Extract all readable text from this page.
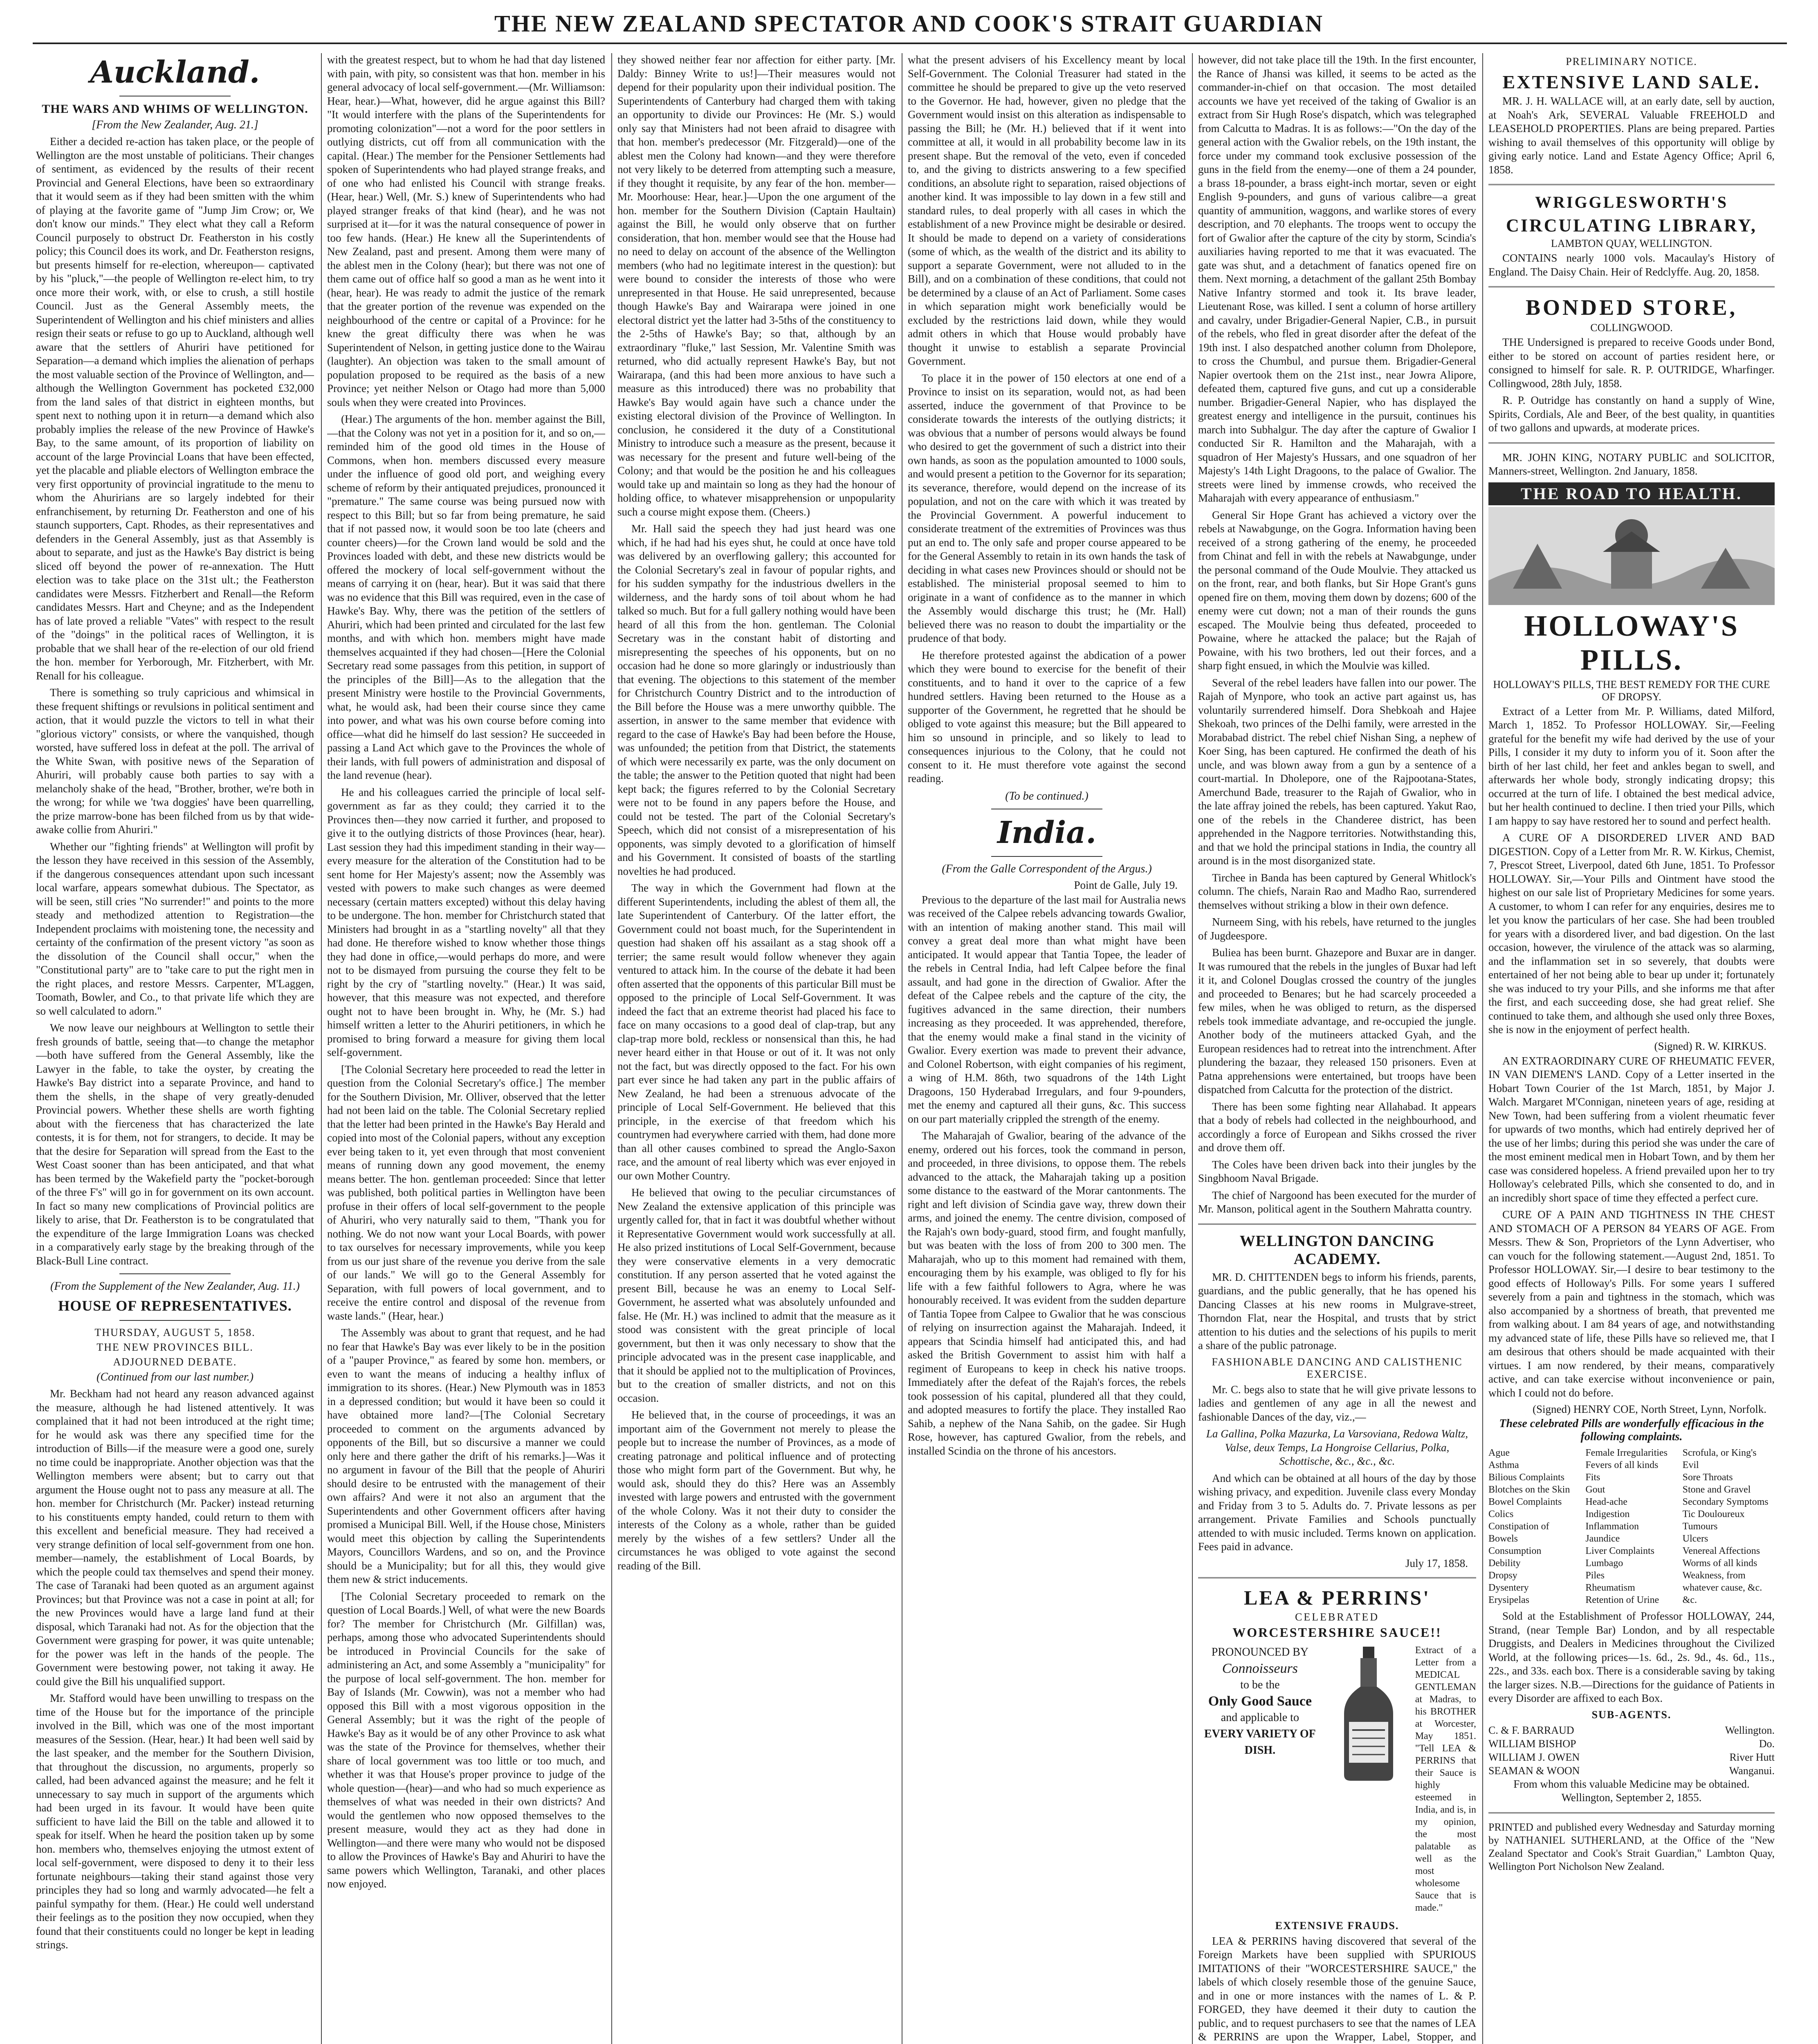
THE NEW ZEALAND SPECTATOR AND COOK'S STRAIT GUARDIAN
Auckland.
THE WARS AND WHIMS OF WELLINGTON.
[From the New Zealander, Aug. 21.]

Either a decided re-action has taken place, or the people of Wellington are the most unstable of politicians. Their changes of sentiment, as evidenced by the results of their recent Provincial and General Elections, have been so extraordinary that it would seem as if they had been smitten with the whim of playing at the favorite game of "Jump Jim Crow; or, We don't know our minds." They elect what they call a Reform Council purposely to obstruct Dr. Featherston in his costly policy; this Council does its work, and Dr. Featherston resigns, but presents himself for re-election, whereupon— captivated by his "pluck,"—the people of Wellington re-elect him, to try once more their work, with, or else to crush, a still hostile Council. Just as the General Assembly meets, the Superintendent of Wellington and his chief ministers and allies resign their seats or refuse to go up to Auckland, although well aware that the settlers of Ahuriri have petitioned for Separation—a demand which implies the alienation of perhaps the most valuable section of the Province of Wellington, and—although the Wellington Government has pocketed £32,000 from the land sales of that district in eighteen months, but spent next to nothing upon it in return—a demand which also probably implies the release of the new Province of Hawke's Bay, to the same amount, of its proportion of liability on account of the large Provincial Loans that have been effected, yet the placable and pliable electors of Wellington embrace the very first opportunity of provincial ingratitude to the menu to whom the Ahuririans are so largely indebted for their enfranchisement, by returning Dr. Featherston and one of his staunch supporters, Capt. Rhodes, as their representatives and defenders in the General Assembly, just as that Assembly is about to separate, and just as the Hawke's Bay district is being sliced off beyond the power of re-annexation. The Hutt election was to take place on the 31st ult.; the Featherston candidates were Messrs. Fitzherbert and Renall—the Reform candidates Messrs. Hart and Cheyne; and as the Independent has of late proved a reliable "Vates" with respect to the result of the "doings" in the political races of Wellington, it is probable that we shall hear of the re-election of our old friend the hon. member for Yerborough, Mr. Fitzherbert, with Mr. Renall for his colleague.

There is something so truly capricious and whimsical in these frequent shiftings or revulsions in political sentiment and action, that it would puzzle the victors to tell in what their "glorious victory" consists, or where the vanquished, though worsted, have suffered loss in defeat at the poll. The arrival of the White Swan, with positive news of the Separation of Ahuriri, will probably cause both parties to say with a melancholy shake of the head, "Brother, brother, we're both in the wrong; for while we 'twa doggies' have been quarrelling, the prize marrow-bone has been filched from us by that wide-awake collie from Ahuriri."

Whether our "fighting friends" at Wellington will profit by the lesson they have received in this session of the Assembly, if the dangerous consequences attendant upon such incessant local warfare, appears somewhat dubious. The Spectator, as will be seen, still cries "No surrender!" and points to the more steady and methodized attention to Registration—the Independent proclaims with moistening tone, the necessity and certainty of the confirmation of the present victory "as soon as the dissolution of the Council shall occur," when the "Constitutional party" are to "take care to put the right men in the right places, and restore Messrs. Carpenter, M'Laggen, Toomath, Bowler, and Co., to that private life which they are so well calculated to adorn."

We now leave our neighbours at Wellington to settle their fresh grounds of battle, seeing that—to change the metaphor—both have suffered from the General Assembly, like the Lawyer in the fable, to take the oyster, by creating the Hawke's Bay district into a separate Province, and hand to them the shells, in the shape of very greatly-denuded Provincial powers. Whether these shells are worth fighting about with the fierceness that has characterized the late contests, it is for them, not for strangers, to decide. It may be that the desire for Separation will spread from the East to the West Coast sooner than has been anticipated, and that what has been termed by the Wakefield party the "pocket-borough of the three F's" will go in for government on its own account. In fact so many new complications of Provincial politics are likely to arise, that Dr. Featherston is to be congratulated that the expenditure of the large Immigration Loans was checked in a comparatively early stage by the breaking through of the Black-Bull Line contract.

(From the Supplement of the New Zealander, Aug. 11.)
HOUSE OF REPRESENTATIVES.
THURSDAY, AUGUST 5, 1858.
THE NEW PROVINCES BILL.
ADJOURNED DEBATE.
(Continued from our last number.)

Mr. Beckham had not heard any reason advanced against the measure, although he had listened attentively. It was complained that it had not been introduced at the right time; for he would ask was there any specified time for the introduction of Bills—if the measure were a good one, surely no time could be inappropriate. Another objection was that the Wellington members were absent; but to carry out that argument the House ought not to pass any measure at all. The hon. member for Christchurch (Mr. Packer) instead returning to his constituents empty handed, could return to them with this excellent and beneficial measure. They had received a very strange definition of local self-government from one hon. member—namely, the establishment of Local Boards, by which the people could tax themselves and spend their money. The case of Taranaki had been quoted as an argument against Provinces; but that Province was not a case in point at all; for the new Provinces would have a large land fund at their disposal, which Taranaki had not. As for the objection that the Government were grasping for power, it was quite untenable; for the power was left in the hands of the people. The Government were bestowing power, not taking it away. He could give the Bill his unqualified support.

Mr. Stafford would have been unwilling to trespass on the time of the House but for the importance of the principle involved in the Bill, which was one of the most important measures of the Session. (Hear, hear.) It had been well said by the last speaker, and the member for the Southern Division, that throughout the discussion, no arguments, properly so called, had been advanced against the measure; and he felt it unnecessary to say much in support of the arguments which had been urged in its favour. It would have been quite sufficient to have laid the Bill on the table and allowed it to speak for itself. When he heard the position taken up by some hon. members who, themselves enjoying the utmost extent of local self-government, were disposed to deny it to their less fortunate neighbours—taking their stand against those very principles they had so long and warmly advocated—he felt a painful sympathy for them. (Hear.) He could well understand their feelings as to the position they now occupied, when they found that their constituents could no longer be kept in leading strings.

with the greatest respect, but to whom he had that day listened with pain, with pity, so consistent was that hon. member in his general advocacy of local self-government.—(Mr. Williamson: Hear, hear.)—What, however, did he argue against this Bill? "It would interfere with the plans of the Superintendents for promoting colonization"—not a word for the poor settlers in outlying districts, cut off from all communication with the capital. (Hear.) The member for the Pensioner Settlements had spoken of Superintendents who had played strange freaks, and of one who had enlisted his Council with strange freaks. (Hear, hear.) Well, (Mr. S.) knew of Superintendents who had played stranger freaks of that kind (hear), and he was not surprised at it—for it was the natural consequence of power in too few hands. (Hear.) He knew all the Superintendents of New Zealand, past and present. Among them were many of the ablest men in the Colony (hear); but there was not one of them came out of office half so good a man as he went into it (hear, hear). He was ready to admit the justice of the remark that the greater portion of the revenue was expended on the neighbourhood of the centre or capital of a Province: for he knew the great difficulty there was when he was Superintendent of Nelson, in getting justice done to the Wairau (laughter). An objection was taken to the small amount of population proposed to be required as the basis of a new Province; yet neither Nelson or Otago had more than 5,000 souls when they were created into Provinces.

(Hear.) The arguments of the hon. member against the Bill,—that the Colony was not yet in a position for it, and so on,—reminded him of the good old times in the House of Commons, when hon. members discussed every measure under the influence of good old port, and weighing every scheme of reform by their antiquated prejudices, pronounced it "premature." The same course was being pursued now with respect to this Bill; but so far from being premature, he said that if not passed now, it would soon be too late (cheers and counter cheers)—for the Crown land would be sold and the Provinces loaded with debt, and these new districts would be offered the mockery of local self-government without the means of carrying it on (hear, hear). But it was said that there was no evidence that this Bill was required, even in the case of Hawke's Bay. Why, there was the petition of the settlers of Ahuriri, which had been printed and circulated for the last few months, and with which hon. members might have made themselves acquainted if they had chosen—[Here the Colonial Secretary read some passages from this petition, in support of the principles of the Bill]—As to the allegation that the present Ministry were hostile to the Provincial Governments, what, he would ask, had been their course since they came into power, and what was his own course before coming into office—what did he himself do last session? He succeeded in passing a Land Act which gave to the Provinces the whole of their lands, with full powers of administration and disposal of the land revenue (hear).

He and his colleagues carried the principle of local self-government as far as they could; they carried it to the Provinces then—they now carried it further, and proposed to give it to the outlying districts of those Provinces (hear, hear). Last session they had this impediment standing in their way—every measure for the alteration of the Constitution had to be sent home for Her Majesty's assent; now the Assembly was vested with powers to make such changes as were deemed necessary (certain matters excepted) without this delay having to be undergone. The hon. member for Christchurch stated that Ministers had brought in as a "startling novelty" all that they had done. He therefore wished to know whether those things they had done in office,—would perhaps do more, and were not to be dismayed from pursuing the course they felt to be right by the cry of "startling novelty." (Hear.) It was said, however, that this measure was not expected, and therefore ought not to have been brought in. Why, he (Mr. S.) had himself written a letter to the Ahuriri petitioners, in which he promised to bring forward a measure for giving them local self-government.

[The Colonial Secretary here proceeded to read the letter in question from the Colonial Secretary's office.] The member for the Southern Division, Mr. Olliver, observed that the letter had not been laid on the table. The Colonial Secretary replied that the letter had been printed in the Hawke's Bay Herald and copied into most of the Colonial papers, without any exception ever being taken to it, yet even through that most convenient means of running down any good movement, the enemy means better. The hon. gentleman proceeded: Since that letter was published, both political parties in Wellington have been profuse in their offers of local self-government to the people of Ahuriri, who very naturally said to them, "Thank you for nothing. We do not now want your Local Boards, with power to tax ourselves for necessary improvements, while you keep from us our just share of the revenue you derive from the sale of our lands." We will go to the General Assembly for Separation, with full powers of local government, and to receive the entire control and disposal of the revenue from waste lands." (Hear, hear.)

The Assembly was about to grant that request, and he had no fear that Hawke's Bay was ever likely to be in the position of a "pauper Province," as feared by some hon. members, or even to want the means of inducing a healthy influx of immigration to its shores. (Hear.) New Plymouth was in 1853 in a depressed condition; but would it have been so could it have obtained more land?—[The Colonial Secretary proceeded to comment on the arguments advanced by opponents of the Bill, but so discursive a manner we could only here and there gather the drift of his remarks.]—Was it no argument in favour of the Bill that the people of Ahuriri should desire to be entrusted with the management of their own affairs? And were it not also an argument that the Superintendents and other Government officers after having promised a Municipal Bill. Well, if the House chose, Ministers would meet this objection by calling the Superintendents Mayors, Councillors Wardens, and so on, and the Province should be a Municipality; but for all this, they would give them new & strict inducements.

[The Colonial Secretary proceeded to remark on the question of Local Boards.] Well, of what were the new Boards for? The member for Christchurch (Mr. Gilfillan) was, perhaps, among those who advocated Superintendents should be introduced in Provincial Councils for the sake of administering an Act, and some Assembly a "municipality" for the purpose of local self-government. The hon. member for Bay of Islands (Mr. Cowwin), was not a member who had opposed this Bill with a most vigorous opposition in the General Assembly; but it was the right of the people of Hawke's Bay as it would be of any other Province to ask what was the state of the Province for themselves, whether their share of local government was too little or too much, and whether it was that House's proper province to judge of the whole question—(hear)—and who had so much experience as themselves of what was needed in their own districts? And would the gentlemen who now opposed themselves to the present measure, would they act as they had done in Wellington—and there were many who would not be disposed to allow the Provinces of Hawke's Bay and Ahuriri to have the same powers which Wellington, Taranaki, and other places now enjoyed.

they showed neither fear nor affection for either party. [Mr. Daldy: Binney Write to us!]—Their measures would not depend for their popularity upon their individual position. The Superintendents of Canterbury had charged them with taking an opportunity to divide our Provinces: He (Mr. S.) would only say that Ministers had not been afraid to disagree with that hon. member's predecessor (Mr. Fitzgerald)—one of the ablest men the Colony had known—and they were therefore not very likely to be deterred from attempting such a measure, if they thought it requisite, by any fear of the hon. member—Mr. Moorhouse: Hear, hear.]—Upon the one argument of the hon. member for the Southern Division (Captain Haultain) against the Bill, he would only observe that on further consideration, that hon. member would see that the House had no need to delay on account of the absence of the Wellington members (who had no legitimate interest in the question): but were bound to consider the interests of those who were unrepresented in that House. He said unrepresented, because though Hawke's Bay and Wairarapa were joined in one electoral district yet the latter had 3-5ths of the constituency to the 2-5ths of Hawke's Bay; so that, although by an extraordinary "fluke," last Session, Mr. Valentine Smith was returned, who did actually represent Hawke's Bay, but not Wairarapa, (and this had been more anxious to have such a measure as this introduced) there was no probability that Hawke's Bay would again have such a chance under the existing electoral division of the Province of Wellington. In conclusion, he considered it the duty of a Constitutional Ministry to introduce such a measure as the present, because it was necessary for the present and future well-being of the Colony; and that would be the position he and his colleagues would take up and maintain so long as they had the honour of holding office, to whatever misapprehension or unpopularity such a course might expose them. (Cheers.)

Mr. Hall said the speech they had just heard was one which, if he had had his eyes shut, he could at once have told was delivered by an overflowing gallery; this accounted for the Colonial Secretary's zeal in favour of popular rights, and for his sudden sympathy for the industrious dwellers in the wilderness, and the hardy sons of toil about whom he had talked so much. But for a full gallery nothing would have been heard of all this from the hon. gentleman. The Colonial Secretary was in the constant habit of distorting and misrepresenting the speeches of his opponents, but on no occasion had he done so more glaringly or industriously than that evening. The objections to this statement of the member for Christchurch Country District and to the introduction of the Bill before the House was a mere unworthy quibble. The assertion, in answer to the same member that evidence with regard to the case of Hawke's Bay had been before the House, was unfounded; the petition from that District, the statements of which were necessarily ex parte, was the only document on the table; the answer to the Petition quoted that night had been kept back; the figures referred to by the Colonial Secretary were not to be found in any papers before the House, and could not be tested. The part of the Colonial Secretary's Speech, which did not consist of a misrepresentation of his opponents, was simply devoted to a glorification of himself and his Government. It consisted of boasts of the startling novelties he had produced.

The way in which the Government had flown at the different Superintendents, including the ablest of them all, the late Superintendent of Canterbury. Of the latter effort, the Government could not boast much, for the Superintendent in question had shaken off his assailant as a stag shook off a terrier; the same result would follow whenever they again ventured to attack him. In the course of the debate it had been often asserted that the opponents of this particular Bill must be opposed to the principle of Local Self-Government. It was indeed the fact that an extreme theorist had placed his face to face on many occasions to a good deal of clap-trap, but any clap-trap more bold, reckless or nonsensical than this, he had never heard either in that House or out of it. It was not only not the fact, but was directly opposed to the fact. For his own part ever since he had taken any part in the public affairs of New Zealand, he had been a strenuous advocate of the principle of Local Self-Government. He believed that this principle, in the exercise of that freedom which his countrymen had everywhere carried with them, had done more than all other causes combined to spread the Anglo-Saxon race, and the amount of real liberty which was ever enjoyed in our own Mother Country.

He believed that owing to the peculiar circumstances of New Zealand the extensive application of this principle was urgently called for, that in fact it was doubtful whether without it Representative Government would work successfully at all. He also prized institutions of Local Self-Government, because they were conservative elements in a very democratic constitution. If any person asserted that he voted against the present Bill, because he was an enemy to Local Self-Government, he asserted what was absolutely unfounded and false. He (Mr. H.) was inclined to admit that the measure as it stood was consistent with the great principle of local government, but then it was only necessary to show that the principle advocated was in the present case inapplicable, and that it should be applied not to the multiplication of Provinces, but to the creation of smaller districts, and not on this occasion.

He believed that, in the course of proceedings, it was an important aim of the Government not merely to please the people but to increase the number of Provinces, as a mode of creating patronage and political influence and of protecting those who might form part of the Government. But why, he would ask, should they do this? Here was an Assembly invested with large powers and entrusted with the government of the whole Colony. Was it not their duty to consider the interests of the Colony as a whole, rather than be guided merely by the wishes of a few settlers? Under all the circumstances he was obliged to vote against the second reading of the Bill.

what the present advisers of his Excellency meant by local Self-Government. The Colonial Treasurer had stated in the committee he should be prepared to give up the veto reserved to the Governor. He had, however, given no pledge that the Government would insist on this alteration as indispensable to passing the Bill; he (Mr. H.) believed that if it went into committee at all, it would in all probability become law in its present shape. But the removal of the veto, even if conceded to, and the giving to districts answering to a few specified conditions, an absolute right to separation, raised objections of another kind. It was impossible to lay down in a few still and standard rules, to deal properly with all cases in which the establishment of a new Province might be desirable or desired. It should be made to depend on a variety of considerations (some of which, as the wealth of the district and its ability to support a separate Government, were not alluded to in the Bill), and on a combination of these conditions, that could not be determined by a clause of an Act of Parliament. Some cases in which separation might work beneficially would be excluded by the restrictions laid down, while they would admit others in which that House would probably have thought it unwise to establish a separate Provincial Government.

To place it in the power of 150 electors at one end of a Province to insist on its separation, would not, as had been asserted, induce the government of that Province to be considerate towards the interests of the outlying districts; it was obvious that a number of persons would always be found who desired to get the government of such a district into their own hands, as soon as the population amounted to 1000 souls, and would present a petition to the Governor for its separation; its severance, therefore, would depend on the increase of its population, and not on the care with which it was treated by the Provincial Government. A powerful inducement to considerate treatment of the extremities of Provinces was thus put an end to. The only safe and proper course appeared to be for the General Assembly to retain in its own hands the task of deciding in what cases new Provinces should or should not be established. The ministerial proposal seemed to him to originate in a want of confidence as to the manner in which the Assembly would discharge this trust; he (Mr. Hall) believed there was no reason to doubt the impartiality or the prudence of that body.

He therefore protested against the abdication of a power which they were bound to exercise for the benefit of their constituents, and to hand it over to the caprice of a few hundred settlers. Having been returned to the House as a supporter of the Government, he regretted that he should be obliged to vote against this measure; but the Bill appeared to him so unsound in principle, and so likely to lead to consequences injurious to the Colony, that he could not consent to it. He must therefore vote against the second reading.

(To be continued.)
India.
(From the Galle Correspondent of the Argus.)
Point de Galle, July 19.

Previous to the departure of the last mail for Australia news was received of the Calpee rebels advancing towards Gwalior, with an intention of making another stand. This mail will convey a great deal more than what might have been anticipated. It would appear that Tantia Topee, the leader of the rebels in Central India, had left Calpee before the final assault, and had gone in the direction of Gwalior. After the defeat of the Calpee rebels and the capture of the city, the fugitives advanced in the same direction, their numbers increasing as they proceeded. It was apprehended, therefore, that the enemy would make a final stand in the vicinity of Gwalior. Every exertion was made to prevent their advance, and Colonel Robertson, with eight companies of his regiment, a wing of H.M. 86th, two squadrons of the 14th Light Dragoons, 150 Hyderabad Irregulars, and four 9-pounders, met the enemy and captured all their guns, &c. This success on our part materially crippled the strength of the enemy.

The Maharajah of Gwalior, bearing of the advance of the enemy, ordered out his forces, took the command in person, and proceeded, in three divisions, to oppose them. The rebels advanced to the attack, the Maharajah taking up a position some distance to the eastward of the Morar cantonments. The right and left division of Scindia gave way, threw down their arms, and joined the enemy. The centre division, composed of the Rajah's own body-guard, stood firm, and fought manfully, but was beaten with the loss of from 200 to 300 men. The Maharajah, who up to this moment had remained with them, encouraging them by his example, was obliged to fly for his life with a few faithful followers to Agra, where he was honourably received. It was evident from the sudden departure of Tantia Topee from Calpee to Gwalior that he was conscious of relying on insurrection against the Maharajah. Indeed, it appears that Scindia himself had anticipated this, and had asked the British Government to assist him with half a regiment of Europeans to keep in check his native troops. Immediately after the defeat of the Rajah's forces, the rebels took possession of his capital, plundered all that they could, and adopted measures to fortify the place. They installed Rao Sahib, a nephew of the Nana Sahib, on the gadee. Sir Hugh Rose, however, has captured Gwalior, from the rebels, and installed Scindia on the throne of his ancestors.

however, did not take place till the 19th. In the first encounter, the Rance of Jhansi was killed, it seems to be acted as the commander-in-chief on that occasion. The most detailed accounts we have yet received of the taking of Gwalior is an extract from Sir Hugh Rose's dispatch, which was telegraphed from Calcutta to Madras. It is as follows:—"On the day of the general action with the Gwalior rebels, on the 19th instant, the force under my command took exclusive possession of the guns in the field from the enemy—one of them a 24 pounder, a brass 18-pounder, a brass eight-inch mortar, seven or eight English 9-pounders, and guns of various calibre—a great quantity of ammunition, waggons, and warlike stores of every description, and 70 elephants. The troops went to occupy the fort of Gwalior after the capture of the city by storm, Scindia's auxiliaries having reported to me that it was evacuated. The gate was shut, and a detachment of fanatics opened fire on them. Next morning, a detachment of the gallant 25th Bombay Native Infantry stormed and took it. Its brave leader, Lieutenant Rose, was killed. I sent a column of horse artillery and cavalry, under Brigadier-General Napier, C.B., in pursuit of the rebels, who fled in great disorder after the defeat of the 19th inst. I also despatched another column from Dholepore, to cross the Chumbul, and pursue them. Brigadier-General Napier overtook them on the 21st inst., near Jowra Alipore, defeated them, captured five guns, and cut up a considerable number. Brigadier-General Napier, who has displayed the greatest energy and intelligence in the pursuit, continues his march into Subhalgur. The day after the capture of Gwalior I conducted Sir R. Hamilton and the Maharajah, with a squadron of Her Majesty's Hussars, and one squadron of her Majesty's 14th Light Dragoons, to the palace of Gwalior. The streets were lined by immense crowds, who received the Maharajah with every appearance of enthusiasm."

General Sir Hope Grant has achieved a victory over the rebels at Nawabgunge, on the Gogra. Information having been received of a strong gathering of the enemy, he proceeded from Chinat and fell in with the rebels at Nawabgunge, under the personal command of the Oude Moulvie. They attacked us on the front, rear, and both flanks, but Sir Hope Grant's guns opened fire on them, moving them down by dozens; 600 of the enemy were cut down; not a man of their rounds the guns escaped. The Moulvie being thus defeated, proceeded to Powaine, where he attacked the palace; but the Rajah of Powaine, with his two brothers, led out their forces, and a sharp fight ensued, in which the Moulvie was killed.

Several of the rebel leaders have fallen into our power. The Rajah of Mynpore, who took an active part against us, has voluntarily surrendered himself. Dora Shebkoah and Hajee Shekoah, two princes of the Delhi family, were arrested in the Morababad district. The rebel chief Nishan Sing, a nephew of Koer Sing, has been captured. He confirmed the death of his uncle, and was blown away from a gun by a sentence of a court-martial. In Dholepore, one of the Rajpootana-States, Amerchund Bade, treasurer to the Rajah of Gwalior, who in the late affray joined the rebels, has been captured. Yakut Rao, one of the rebels in the Chanderee district, has been apprehended in the Nagpore territories. Notwithstanding this, and that we hold the principal stations in India, the country all around is in the most disorganized state.

Tirchee in Banda has been captured by General Whitlock's column. The chiefs, Narain Rao and Madho Rao, surrendered themselves without striking a blow in their own defence.

Nurneem Sing, with his rebels, have returned to the jungles of Jugdeespore.

Buliea has been burnt. Ghazepore and Buxar are in danger. It was rumoured that the rebels in the jungles of Buxar had left it it, and Colonel Douglas crossed the country of the jungles and proceeded to Benares; but he had scarcely proceeded a few miles, when he was obliged to return, as the dispersed rebels took immediate advantage, and re-occupied the jungle. Another body of the mutineers attacked Gyah, and the European residences had to retreat into the intrenchment. After plundering the bazaar, they released 150 prisoners. Even at Patna apprehensions were entertained, but troops have been dispatched from Calcutta for the protection of the district.

There has been some fighting near Allahabad. It appears that a body of rebels had collected in the neighbourhood, and accordingly a force of European and Sikhs crossed the river and drove them off.

The Coles have been driven back into their jungles by the Singbhoom Naval Brigade.

The chief of Nargoond has been executed for the murder of Mr. Manson, political agent in the Southern Mahratta country.

WELLINGTON DANCING ACADEMY.

MR. D. CHITTENDEN begs to inform his friends, parents, guardians, and the public generally, that he has opened his Dancing Classes at his new rooms in Mulgrave-street, Thorndon Flat, near the Hospital, and trusts that by strict attention to his duties and the selections of his pupils to merit a share of the public patronage.

FASHIONABLE DANCING AND CALISTHENIC EXERCISE.

Mr. C. begs also to state that he will give private lessons to ladies and gentlemen of any age in all the newest and fashionable Dances of the day, viz.,—

La Gallina, Polka Mazurka, La Varsoviana, Redowa Waltz, Valse, deux Temps, La Hongroise Cellarius, Polka, Schottische, &c., &c., &c.

And which can be obtained at all hours of the day by those wishing privacy, and expedition. Juvenile class every Monday and Friday from 3 to 5. Adults do. 7. Private lessons as per arrangement. Private Families and Schools punctually attended to with music included. Terms known on application. Fees paid in advance.

July 17, 1858.
LEA & PERRINS'
CELEBRATED
WORCESTERSHIRE SAUCE!!
PRONOUNCED BY
Connoisseurs
to be the
Only Good Sauce
and applicable to
EVERY VARIETY OF DISH.
Extract of a Letter from a MEDICAL GENTLEMAN at Madras, to his BROTHER at Worcester, May 1851. "Tell LEA & PERRINS that their Sauce is highly esteemed in India, and is, in my opinion, the most palatable as well as the most wholesome Sauce that is made."
EXTENSIVE FRAUDS.

LEA & PERRINS having discovered that several of the Foreign Markets have been supplied with SPURIOUS IMITATIONS of their "WORCESTERSHIRE SAUCE," the labels of which closely resemble those of the genuine Sauce, and in one or more instances with the names of L. & P. FORGED, they have deemed it their duty to caution the public, and to request purchasers to see that the names of LEA & PERRINS are upon the Wrapper, Label, Stopper, and

PRELIMINARY NOTICE.
EXTENSIVE LAND SALE.

MR. J. H. WALLACE will, at an early date, sell by auction, at Noah's Ark, SEVERAL Valuable FREEHOLD and LEASEHOLD PROPERTIES. Plans are being prepared. Parties wishing to avail themselves of this opportunity will oblige by giving early notice. Land and Estate Agency Office; April 6, 1858.

WRIGGLESWORTH'S
CIRCULATING LIBRARY,
LAMBTON QUAY, WELLINGTON.

CONTAINS nearly 1000 vols. Macaulay's History of England. The Daisy Chain. Heir of Redclyffe. Aug. 20, 1858.

BONDED STORE,
COLLINGWOOD.

THE Undersigned is prepared to receive Goods under Bond, either to be stored on account of parties resident here, or consigned to himself for sale. R. P. OUTRIDGE, Wharfinger. Collingwood, 28th July, 1858.

R. P. Outridge has constantly on hand a supply of Wine, Spirits, Cordials, Ale and Beer, of the best quality, in quantities of two gallons and upwards, at moderate prices.

MR. JOHN KING, NOTARY PUBLIC and SOLICITOR, Manners-street, Wellington. 2nd January, 1858.

THE ROAD TO HEALTH.
HOLLOWAY'S PILLS.
HOLLOWAY'S PILLS, THE BEST REMEDY FOR THE CURE OF DROPSY.

Extract of a Letter from Mr. P. Williams, dated Milford, March 1, 1852. To Professor HOLLOWAY. Sir,—Feeling grateful for the benefit my wife had derived by the use of your Pills, I consider it my duty to inform you of it. Soon after the birth of her last child, her feet and ankles began to swell, and afterwards her whole body, strongly indicating dropsy; this occurred at the turn of life. I obtained the best medical advice, but her health continued to decline. I then tried your Pills, which I am happy to say have restored her to sound and perfect health.

A CURE OF A DISORDERED LIVER AND BAD DIGESTION. Copy of a Letter from Mr. R. W. Kirkus, Chemist, 7, Prescot Street, Liverpool, dated 6th June, 1851. To Professor HOLLOWAY. Sir,—Your Pills and Ointment have stood the highest on our sale list of Proprietary Medicines for some years. A customer, to whom I can refer for any enquiries, desires me to let you know the particulars of her case. She had been troubled for years with a disordered liver, and bad digestion. On the last occasion, however, the virulence of the attack was so alarming, and the inflammation set in so severely, that doubts were entertained of her not being able to bear up under it; fortunately she was induced to try your Pills, and she informs me that after the first, and each succeeding dose, she had great relief. She continued to take them, and although she used only three Boxes, she is now in the enjoyment of perfect health.

(Signed) R. W. KIRKUS.

AN EXTRAORDINARY CURE OF RHEUMATIC FEVER, IN VAN DIEMEN'S LAND. Copy of a Letter inserted in the Hobart Town Courier of the 1st March, 1851, by Major J. Walch. Margaret M'Connigan, nineteen years of age, residing at New Town, had been suffering from a violent rheumatic fever for upwards of two months, which had entirely deprived her of the use of her limbs; during this period she was under the care of the most eminent medical men in Hobart Town, and by them her case was considered hopeless. A friend prevailed upon her to try Holloway's celebrated Pills, which she consented to do, and in an incredibly short space of time they effected a perfect cure.

CURE OF A PAIN AND TIGHTNESS IN THE CHEST AND STOMACH OF A PERSON 84 YEARS OF AGE. From Messrs. Thew & Son, Proprietors of the Lynn Advertiser, who can vouch for the following statement.—August 2nd, 1851. To Professor HOLLOWAY. Sir,—I desire to bear testimony to the good effects of Holloway's Pills. For some years I suffered severely from a pain and tightness in the stomach, which was also accompanied by a shortness of breath, that prevented me from walking about. I am 84 years of age, and notwithstanding my advanced state of life, these Pills have so relieved me, that I am desirous that others should be made acquainted with their virtues. I am now rendered, by their means, comparatively active, and can take exercise without inconvenience or pain, which I could not do before.

(Signed) HENRY COE, North Street, Lynn, Norfolk.
These celebrated Pills are wonderfully efficacious in the following complaints.
Ague
Asthma
Bilious Complaints
Blotches on the Skin
Bowel Complaints
Colics
Constipation of Bowels
Consumption
Debility
Dropsy
Dysentery
Erysipelas
Female Irregularities
Fevers of all kinds
Fits
Gout
Head-ache
Indigestion
Inflammation
Jaundice
Liver Complaints
Lumbago
Piles
Rheumatism
Retention of Urine
Scrofula, or King's Evil
Sore Throats
Stone and Gravel
Secondary Symptoms
Tic Douloureux
Tumours
Ulcers
Venereal Affections
Worms of all kinds
Weakness, from whatever cause, &c. &c.

Sold at the Establishment of Professor HOLLOWAY, 244, Strand, (near Temple Bar) London, and by all respectable Druggists, and Dealers in Medicines throughout the Civilized World, at the following prices—1s. 6d., 2s. 9d., 4s. 6d., 11s., 22s., and 33s. each box. There is a considerable saving by taking the larger sizes. N.B.—Directions for the guidance of Patients in every Disorder are affixed to each Box.

SUB-AGENTS.
C. & F. BARRAUD	Wellington.
WILLIAM BISHOP	Do.
WILLIAM J. OWEN	River Hutt
SEAMAN & WOON	Wanganui.

From whom this valuable Medicine may be obtained. Wellington, September 2, 1855.

PRINTED and published every Wednesday and Saturday morning by NATHANIEL SUTHERLAND, at the Office of the "New Zealand Spectator and Cook's Strait Guardian," Lambton Quay, Wellington Port Nicholson New Zealand.
